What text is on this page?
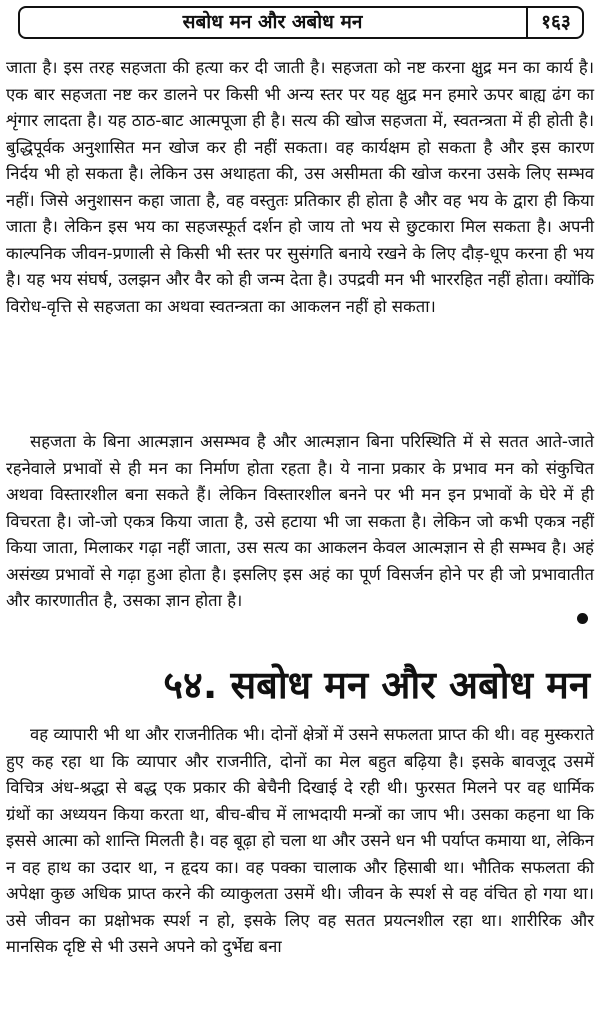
सबोध मन और अबोध मन	१६३

जाता है। इस तरह सहजता की हत्या कर दी जाती है। सहजता को नष्ट करना क्षुद्र मन का कार्य है। एक बार सहजता नष्ट कर डालने पर किसी भी अन्य स्तर पर यह क्षुद्र मन हमारे ऊपर बाह्य ढंग का शृंगार लादता है। यह ठाठ-बाट आत्मपूजा ही है। सत्य की खोज सहजता में, स्वतन्त्रता में ही होती है। बुद्धिपूर्वक अनुशासित मन खोज कर ही नहीं सकता। वह कार्यक्षम हो सकता है और इस कारण निर्दय भी हो सकता है। लेकिन उस अथाहता की, उस असीमता की खोज करना उसके लिए सम्भव नहीं। जिसे अनुशासन कहा जाता है, वह वस्तुतः प्रतिकार ही होता है और वह भय के द्वारा ही किया जाता है। लेकिन इस भय का सहजस्फूर्त दर्शन हो जाय तो भय से छुटकारा मिल सकता है। अपनी काल्पनिक जीवन-प्रणाली से किसी भी स्तर पर सुसंगति बनाये रखने के लिए दौड़-धूप करना ही भय है। यह भय संघर्ष, उलझन और वैर को ही जन्म देता है। उपद्रवी मन भी भाररहित नहीं होता। क्योंकि विरोध-वृत्ति से सहजता का अथवा स्वतन्त्रता का आकलन नहीं हो सकता।

सहजता के बिना आत्मज्ञान असम्भव है और आत्मज्ञान बिना परिस्थिति में से सतत आते-जाते रहनेवाले प्रभावों से ही मन का निर्माण होता रहता है। ये नाना प्रकार के प्रभाव मन को संकुचित अथवा विस्तारशील बना सकते हैं। लेकिन विस्तारशील बनने पर भी मन इन प्रभावों के घेरे में ही विचरता है। जो-जो एकत्र किया जाता है, उसे हटाया भी जा सकता है। लेकिन जो कभी एकत्र नहीं किया जाता, मिलाकर गढ़ा नहीं जाता, उस सत्य का आकलन केवल आत्मज्ञान से ही सम्भव है। अहं असंख्य प्रभावों से गढ़ा हुआ होता है। इसलिए इस अहं का पूर्ण विसर्जन होने पर ही जो प्रभावातीत और कारणातीत है, उसका ज्ञान होता है।

५४. सबोध मन और अबोध मन

वह व्यापारी भी था और राजनीतिक भी। दोनों क्षेत्रों में उसने सफलता प्राप्त की थी। वह मुस्कराते हुए कह रहा था कि व्यापार और राजनीति, दोनों का मेल बहुत बढ़िया है। इसके बावजूद उसमें विचित्र अंध-श्रद्धा से बद्ध एक प्रकार की बेचैनी दिखाई दे रही थी। फुरसत मिलने पर वह धार्मिक ग्रंथों का अध्ययन किया करता था, बीच-बीच में लाभदायी मन्त्रों का जाप भी। उसका कहना था कि इससे आत्मा को शान्ति मिलती है। वह बूढ़ा हो चला था और उसने धन भी पर्याप्त कमाया था, लेकिन न वह हाथ का उदार था, न हृदय का। वह पक्का चालाक और हिसाबी था। भौतिक सफलता की अपेक्षा कुछ अधिक प्राप्त करने की व्याकुलता उसमें थी। जीवन के स्पर्श से वह वंचित हो गया था। उसे जीवन का प्रक्षोभक स्पर्श न हो, इसके लिए वह सतत प्रयत्नशील रहा था। शारीरिक और मानसिक दृष्टि से भी उसने अपने को दुर्भेद्य बना
